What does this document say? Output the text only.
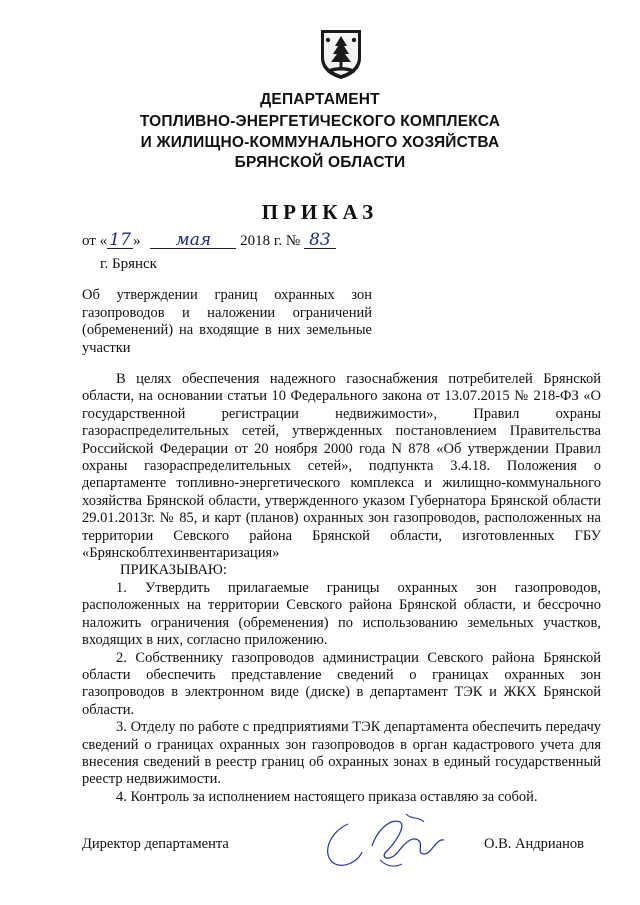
ДЕПАРТАМЕНТ
ТОПЛИВНО-ЭНЕРГЕТИЧЕСКОГО КОМПЛЕКСА
И ЖИЛИЩНО-КОММУНАЛЬНОГО ХОЗЯЙСТВА
БРЯНСКОЙ ОБЛАСТИ
ПРИКАЗ
от « 17 » мая 2018 г. № 83
г. Брянск
Об утверждении границ охранных зон газопроводов и наложении ограничений (обременений) на входящие в них земельные участки

В целях обеспечения надежного газоснабжения потребителей Брянской области, на основании статьи 10 Федерального закона от 13.07.2015 № 218-ФЗ «О государственной регистрации недвижимости», Правил охраны газораспределительных сетей, утвержденных постановлением Правительства Российской Федерации от 20 ноября 2000 года N 878 «Об утверждении Правил охраны газораспределительных сетей», подпункта 3.4.18. Положения о департаменте топливно-энергетического комплекса и жилищно-коммунального хозяйства Брянской области, утвержденного указом Губернатора Брянской области 29.01.2013г. № 85, и карт (планов) охранных зон газопроводов, расположенных на территории Севского района Брянской области, изготовленных ГБУ «Брянскоблтехинвентаризация»

ПРИКАЗЫВАЮ:

1. Утвердить прилагаемые границы охранных зон газопроводов, расположенных на территории Севского района Брянской области, и бессрочно наложить ограничения (обременения) по использованию земельных участков, входящих в них, согласно приложению.

2. Собственнику газопроводов администрации Севского района Брянской области обеспечить представление сведений о границах охранных зон газопроводов в электронном виде (диске) в департамент ТЭК и ЖКХ Брянской области.

3. Отделу по работе с предприятиями ТЭК департамента обеспечить передачу сведений о границах охранных зон газопроводов в орган кадастрового учета для внесения сведений в реестр границ об охранных зонах в единый государственный реестр недвижимости.

4. Контроль за исполнением настоящего приказа оставляю за собой.

Директор департамента	О.В. Андрианов
